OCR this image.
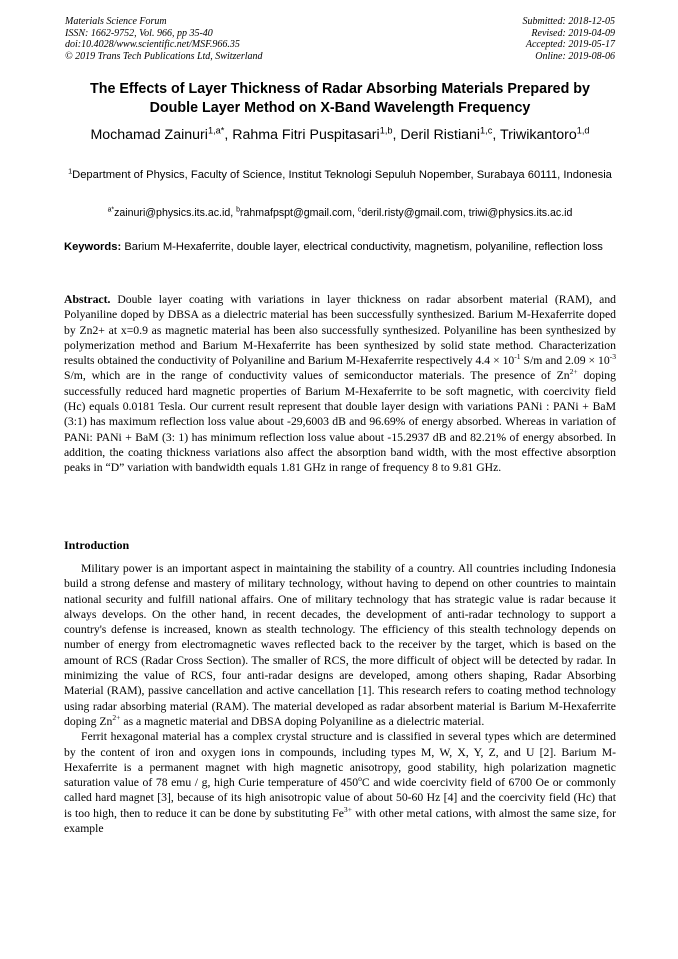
Materials Science Forum
ISSN: 1662-9752, Vol. 966, pp 35-40
doi:10.4028/www.scientific.net/MSF.966.35
© 2019 Trans Tech Publications Ltd, Switzerland
Submitted: 2018-12-05
Revised: 2019-04-09
Accepted: 2019-05-17
Online: 2019-08-06
The Effects of Layer Thickness of Radar Absorbing Materials Prepared by Double Layer Method on X-Band Wavelength Frequency
Mochamad Zainuri$^{1,a*}$, Rahma Fitri Puspitasari$^{1,b}$, Deril Ristiani$^{1,c}$, Triwikantoro$^{1,d}$
$^1$Department of Physics, Faculty of Science, Institut Teknologi Sepuluh Nopember, Surabaya 60111, Indonesia
$^{a*}$zainuri@physics.its.ac.id, $^b$rahmafpspt@gmail.com, $^c$deril.risty@gmail.com, triwi@physics.its.ac.id
Keywords: Barium M-Hexaferrite, double layer, electrical conductivity, magnetism, polyaniline, reflection loss
Abstract. Double layer coating with variations in layer thickness on radar absorbent material (RAM), and Polyaniline doped by DBSA as a dielectric material has been successfully synthesized. Barium M-Hexaferrite doped by Zn2+ at x=0.9 as magnetic material has been also successfully synthesized. Polyaniline has been synthesized by polymerization method and Barium M-Hexaferrite has been synthesized by solid state method. Characterization results obtained the conductivity of Polyaniline and Barium M-Hexaferrite respectively $4.4 \times 10^{-1}$ S/m and $2.09 \times 10^{-3}$ S/m, which are in the range of conductivity values of semiconductor materials. The presence of $Zn^{2+}$ doping successfully reduced hard magnetic properties of Barium M-Hexaferrite to be soft magnetic, with coercivity field (Hc) equals 0.0181 Tesla. Our current result represent that double layer design with variations PANi : PANi + BaM (3:1) has maximum reflection loss value about -29,6003 dB and 96.69% of energy absorbed. Whereas in variation of PANi: PANi + BaM (3: 1) has minimum reflection loss value about -15.2937 dB and 82.21% of energy absorbed. In addition, the coating thickness variations also affect the absorption band width, with the most effective absorption peaks in “D” variation with bandwidth equals 1.81 GHz in range of frequency 8 to 9.81 GHz.
Introduction

Military power is an important aspect in maintaining the stability of a country. All countries including Indonesia build a strong defense and mastery of military technology, without having to depend on other countries to maintain national security and fulfill national affairs. One of military technology that has strategic value is radar because it always develops. On the other hand, in recent decades, the development of anti-radar technology to support a country's defense is increased, known as stealth technology. The efficiency of this stealth technology depends on number of energy from electromagnetic waves reflected back to the receiver by the target, which is based on the amount of RCS (Radar Cross Section). The smaller of RCS, the more difficult of object will be detected by radar. In minimizing the value of RCS, four anti-radar designs are developed, among others shaping, Radar Absorbing Material (RAM), passive cancellation and active cancellation [1]. This research refers to coating method technology using radar absorbing material (RAM). The material developed as radar absorbent material is Barium M-Hexaferrite doping $Zn^{2+}$ as a magnetic material and DBSA doping Polyaniline as a dielectric material.

Ferrit hexagonal material has a complex crystal structure and is classified in several types which are determined by the content of iron and oxygen ions in compounds, including types M, W, X, Y, Z, and U [2]. Barium M-Hexaferrite is a permanent magnet with high magnetic anisotropy, good stability, high polarization magnetic saturation value of 78 emu / g, high Curie temperature of 450$^o$C and wide coercivity field of 6700 Oe or commonly called hard magnet [3], because of its high anisotropic value of about 50-60 Hz [4] and the coercivity field (Hc) that is too high, then to reduce it can be done by substituting $Fe^{3+}$ with other metal cations, with almost the same size, for example
